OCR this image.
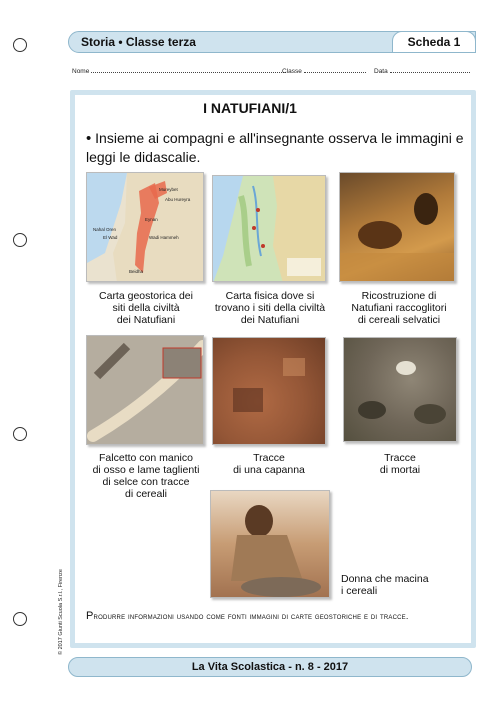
Storia • Classe terza	Scheda 1
Nome	Classe	Data
I NATUFIANI/1
• Insieme ai compagni e all'insegnante osserva le immagini e leggi le didascalie.
Mureybet
Abu Hureyra
Eynan
Wadi Hammeh
Nahal Oren
El Wad
Beidha
Carta geostorica dei
siti della civiltà
dei Natufiani
Carta fisica dove si
trovano i siti della civiltà
dei Natufiani
Ricostruzione di
Natufiani raccoglitori
di cereali selvatici
Falcetto con manico
di osso e lame taglienti
di selce con tracce
di cereali
Tracce
di una capanna
Tracce
di mortai
Donna che macina
i cereali
Produrre informazioni usando come fonti immagini di carte geostoriche e di tracce.
© 2017 Giunti Scuola S.r.l., Firenze
La Vita Scolastica - n. 8 - 2017
